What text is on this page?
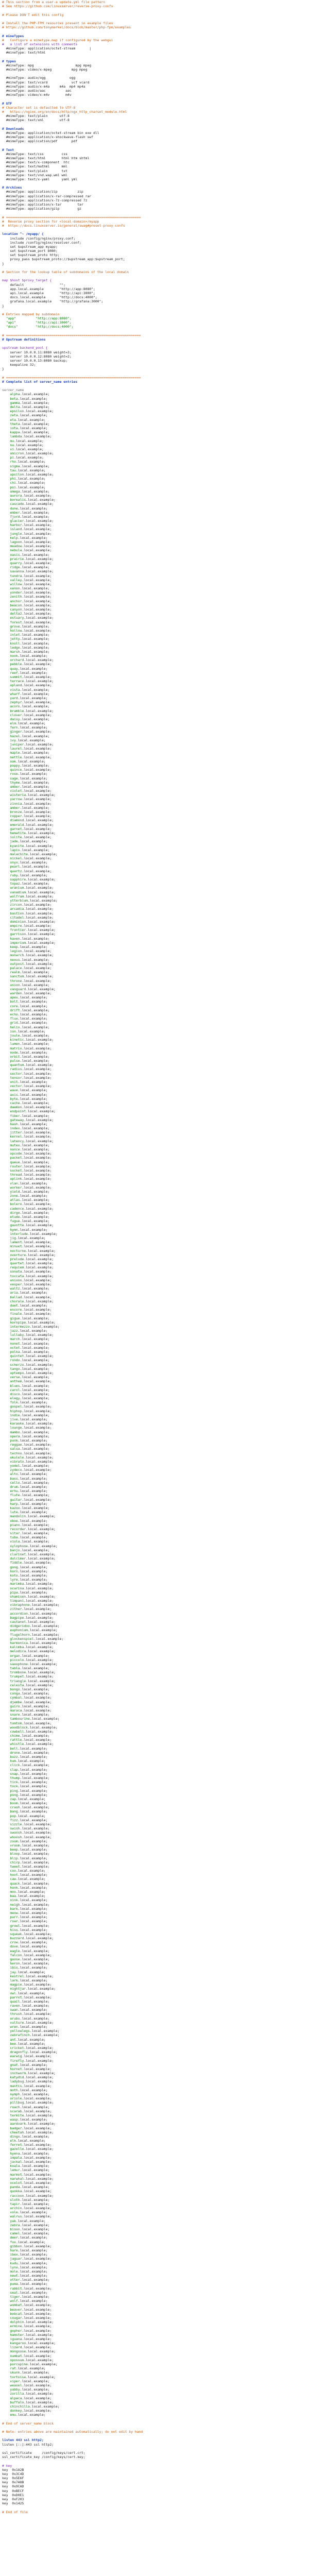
# This section from a user-a update.yml file pattern
# See https://github.com/linuxserver/reverse-proxy-confs
# Please DON'T edit this config
# Install the PHP-FPM resources present in example files
# https://github.com/tonymarkel/docs/blob/master/php-fpm/examples
# mineTypes
#   Configure a mimetype.map if configured by the webgui
#   a list of extensions with comments
#mineType: application/octet-stream       |
#mineType: text/html
# types
#mineType: mpg                     mpg mpeg
#mineType: video/x-mpeg          mpg mpeg
#mineType: audio/ogg            ogg
#mineType: text/vcard            vcf vcard
#mineType: audio/x-m4a     m4a  mp4 mp4a
#mineType: audio/aac          aac
#mineType: video/x-m4v        m4v
# UTF
# Character set is defaulted to UTF-8
#   https://nginx.org/en/docs/http/ngx_http_charset_module.html
#mimeType: text/plain      utf-8
#mimeType: text/xml        utf-8
# Downloads
#mimeType: application/octet-stream bin exe dll
#mimeType: application/x-shockwave-flash swf
#mimeType: application/pdf       pdf
# Text
#mimeType: text/css         css
#mimeType: text/html        html htm shtml
#mimeType: text/x-component  htc
#mimeType: text/mathml      mml
#mimeType: text/plain       txt
#mimeType: text/vnd.wap.wml wml
#mimeType: text/x-yaml      yaml yml
# Archives
#mimeType: application/zip          zip
#mimeType: application/x-rar-compressed rar
#mimeType: application/x-7z-compressed 7z
#mimeType: application/x-tar        tar
#mimeType: application/gzip         gz
# ====================================================================
#  Reverse proxy section for <local-domain>/myapp
#  https://docs.linuxserver.io/general/swag#preset-proxy-confs
location ^~ /myapp/ {
include /config/nginx/proxy.conf;
include /config/nginx/resolver.conf;
set $upstream_app myapp;
set $upstream_port 8080;
set $upstream_proto http;
proxy_pass $upstream_proto://$upstream_app:$upstream_port;
}
# Section for the lookup table of subdomains of the local domain
map $host $proxy_target {
default                  "";
app.local.example        "http://app:8080";
api.local.example        "http://api:3000";
docs.local.example       "http://docs:4000";
grafana.local.example    "http://grafana:3000";
}
# Entries mapped by subdomain
"app"          "http://app:8080";
"api"          "http://api:3000";
"docs"         "http://docs:4000";
# ====================================================================
# Upstream definitions
upstream backend_pool {
server 10.0.0.11:8080 weight=3;
server 10.0.0.12:8080 weight=2;
server 10.0.0.13:8080 backup;
keepalive 32;
}
# ====================================================================
# Complete list of server_name entries
server_name
alpha.local.example;
beta.local.example;
gamma.local.example;
delta.local.example;
epsilon.local.example;
zeta.local.example;
eta.local.example;
theta.local.example;
iota.local.example;
kappa.local.example;
lambda.local.example;
mu.local.example;
nu.local.example;
xi.local.example;
omicron.local.example;
pi.local.example;
rho.local.example;
sigma.local.example;
tau.local.example;
upsilon.local.example;
phi.local.example;
chi.local.example;
psi.local.example;
omega.local.example;
aurora.local.example;
borealis.local.example;
cascade.local.example;
dune.local.example;
ember.local.example;
fjord.local.example;
glacier.local.example;
harbor.local.example;
island.local.example;
jungle.local.example;
kelp.local.example;
lagoon.local.example;
meadow.local.example;
nebula.local.example;
oasis.local.example;
prairie.local.example;
quarry.local.example;
ridge.local.example;
savanna.local.example;
tundra.local.example;
valley.local.example;
willow.local.example;
xenon.local.example;
yonder.local.example;
zenith.local.example;
anchor.local.example;
beacon.local.example;
canyon.local.example;
delta2.local.example;
estuary.local.example;
forest.local.example;
grove.local.example;
hollow.local.example;
inlet.local.example;
jetty.local.example;
knoll.local.example;
ledge.local.example;
marsh.local.example;
nook.local.example;
orchard.local.example;
pebble.local.example;
quay.local.example;
reef.local.example;
summit.local.example;
terrace.local.example;
upland.local.example;
vista.local.example;
wharf.local.example;
yard.local.example;
zephyr.local.example;
acorn.local.example;
bramble.local.example;
clover.local.example;
daisy.local.example;
elm.local.example;
fern.local.example;
ginger.local.example;
hazel.local.example;
ivy.local.example;
juniper.local.example;
laurel.local.example;
maple.local.example;
nettle.local.example;
oak.local.example;
poppy.local.example;
quince.local.example;
rose.local.example;
sage.local.example;
thyme.local.example;
umber.local.example;
violet.local.example;
wisteria.local.example;
yarrow.local.example;
zinnia.local.example;
amber.local.example;
bronze.local.example;
copper.local.example;
diamond.local.example;
emerald.local.example;
garnet.local.example;
hematite.local.example;
iolite.local.example;
jade.local.example;
kyanite.local.example;
lapis.local.example;
malachite.local.example;
nickel.local.example;
onyx.local.example;
pearl.local.example;
quartz.local.example;
ruby.local.example;
sapphire.local.example;
topaz.local.example;
uranium.local.example;
vanadium.local.example;
wolfram.local.example;
ytterbium.local.example;
zircon.local.example;
arcadia.local.example;
bastion.local.example;
citadel.local.example;
dominion.local.example;
empire.local.example;
frontier.local.example;
garrison.local.example;
haven.local.example;
imperium.local.example;
keep.local.example;
legion.local.example;
monarch.local.example;
nexus.local.example;
outpost.local.example;
palace.local.example;
realm.local.example;
sanctum.local.example;
throne.local.example;
union.local.example;
vanguard.local.example;
warden.local.example;
apex.local.example;
bolt.local.example;
core.local.example;
drift.local.example;
echo.local.example;
flux.local.example;
grid.local.example;
helix.local.example;
ion.local.example;
joule.local.example;
kinetic.local.example;
lumen.local.example;
matrix.local.example;
node.local.example;
orbit.local.example;
pulse.local.example;
quantum.local.example;
radius.local.example;
sector.local.example;
tensor.local.example;
unit.local.example;
vector.local.example;
wave.local.example;
axis.local.example;
byte.local.example;
cache.local.example;
daemon.local.example;
endpoint.local.example;
fiber.local.example;
gateway.local.example;
hash.local.example;
index.local.example;
jitter.local.example;
kernel.local.example;
latency.local.example;
mutex.local.example;
nonce.local.example;
opcode.local.example;
packet.local.example;
queue.local.example;
router.local.example;
socket.local.example;
thread.local.example;
uplink.local.example;
vlan.local.example;
worker.local.example;
yield.local.example;
zone.local.example;
atlas.local.example;
bolero.local.example;
cadence.local.example;
dirge.local.example;
etude.local.example;
fugue.local.example;
gavotte.local.example;
hymn.local.example;
interlude.local.example;
jig.local.example;
lament.local.example;
minuet.local.example;
nocturne.local.example;
overture.local.example;
prelude.local.example;
quartet.local.example;
requiem.local.example;
sonata.local.example;
toccata.local.example;
unison.local.example;
vesper.local.example;
waltz.local.example;
aria.local.example;
ballad.local.example;
chorale.local.example;
duet.local.example;
encore.local.example;
finale.local.example;
gigue.local.example;
hornpipe.local.example;
intermezzo.local.example;
jazz.local.example;
lullaby.local.example;
march.local.example;
nonet.local.example;
octet.local.example;
polka.local.example;
quintet.local.example;
rondo.local.example;
scherzo.local.example;
tango.local.example;
uptempo.local.example;
verse.local.example;
anthem.local.example;
blues.local.example;
carol.local.example;
disco.local.example;
elegy.local.example;
folk.local.example;
gospel.local.example;
hiphop.local.example;
indie.local.example;
jive.local.example;
karaoke.local.example;
lounge.local.example;
mambo.local.example;
opera.local.example;
punk.local.example;
reggae.local.example;
salsa.local.example;
techno.local.example;
ukulele.local.example;
vibrato.local.example;
yodel.local.example;
zydeco.local.example;
alto.local.example;
bass.local.example;
cello.local.example;
drum.local.example;
erhu.local.example;
flute.local.example;
guitar.local.example;
harp.local.example;
kazoo.local.example;
lute.local.example;
mandolin.local.example;
oboe.local.example;
piano.local.example;
recorder.local.example;
sitar.local.example;
tuba.local.example;
viola.local.example;
xylophone.local.example;
banjo.local.example;
clarinet.local.example;
dulcimer.local.example;
fiddle.local.example;
gong.local.example;
horn.local.example;
koto.local.example;
lyre.local.example;
marimba.local.example;
ocarina.local.example;
pipa.local.example;
shamisen.local.example;
timpani.local.example;
vibraphone.local.example;
zither.local.example;
accordion.local.example;
bagpipe.local.example;
castanet.local.example;
didgeridoo.local.example;
euphonium.local.example;
flugelhorn.local.example;
glockenspiel.local.example;
harmonica.local.example;
kalimba.local.example;
melodica.local.example;
organ.local.example;
piccolo.local.example;
saxophone.local.example;
tabla.local.example;
trombone.local.example;
trumpet.local.example;
triangle.local.example;
celesta.local.example;
bongo.local.example;
conga.local.example;
cymbal.local.example;
djembe.local.example;
guiro.local.example;
maraca.local.example;
snare.local.example;
tambourine.local.example;
tomtom.local.example;
woodblock.local.example;
cowbell.local.example;
chime.local.example;
rattle.local.example;
whistle.local.example;
bell.local.example;
drone.local.example;
buzz.local.example;
hum.local.example;
click.local.example;
clap.local.example;
snap.local.example;
thump.local.example;
tick.local.example;
tock.local.example;
ping.local.example;
pong.local.example;
zap.local.example;
boom.local.example;
crash.local.example;
bang.local.example;
pop.local.example;
fizz.local.example;
sizzle.local.example;
swish.local.example;
swoosh.local.example;
whoosh.local.example;
zoom.local.example;
vroom.local.example;
beep.local.example;
bloop.local.example;
blip.local.example;
chirp.local.example;
tweet.local.example;
coo.local.example;
hoot.local.example;
caw.local.example;
quack.local.example;
honk.local.example;
moo.local.example;
baa.local.example;
oink.local.example;
neigh.local.example;
bark.local.example;
meow.local.example;
purr.local.example;
roar.local.example;
growl.local.example;
hiss.local.example;
squeak.local.example;
buzzard.local.example;
crow.local.example;
dove.local.example;
eagle.local.example;
falcon.local.example;
goose.local.example;
heron.local.example;
ibis.local.example;
jay.local.example;
kestrel.local.example;
lark.local.example;
magpie.local.example;
nightjar.local.example;
owl.local.example;
parrot.local.example;
quail.local.example;
raven.local.example;
swan.local.example;
thrush.local.example;
urubu.local.example;
vulture.local.example;
wren.local.example;
yellowlegs.local.example;
zebrafinch.local.example;
ant.local.example;
bee.local.example;
cricket.local.example;
dragonfly.local.example;
earwig.local.example;
firefly.local.example;
gnat.local.example;
hornet.local.example;
inchworm.local.example;
katydid.local.example;
ladybug.local.example;
mantis.local.example;
moth.local.example;
nymph.local.example;
oriole.local.example;
pillbug.local.example;
roach.local.example;
scarab.local.example;
termite.local.example;
wasp.local.example;
aardvark.local.example;
badger.local.example;
cheetah.local.example;
dingo.local.example;
elk.local.example;
ferret.local.example;
gazelle.local.example;
hyena.local.example;
impala.local.example;
jackal.local.example;
koala.local.example;
lemur.local.example;
marmot.local.example;
narwhal.local.example;
ocelot.local.example;
panda.local.example;
quokka.local.example;
raccoon.local.example;
sloth.local.example;
tapir.local.example;
urchin.local.example;
vole.local.example;
walrus.local.example;
yak.local.example;
zebra.local.example;
bison.local.example;
camel.local.example;
deer.local.example;
fox.local.example;
gibbon.local.example;
hare.local.example;
ibex.local.example;
jaguar.local.example;
kudu.local.example;
lynx.local.example;
mole.local.example;
newt.local.example;
otter.local.example;
puma.local.example;
rabbit.local.example;
seal.local.example;
tiger.local.example;
wolf.local.example;
wombat.local.example;
beaver.local.example;
bobcat.local.example;
cougar.local.example;
dolphin.local.example;
ermine.local.example;
gopher.local.example;
hamster.local.example;
iguana.local.example;
kangaroo.local.example;
lizard.local.example;
mongoose.local.example;
numbat.local.example;
opossum.local.example;
porcupine.local.example;
rat.local.example;
skunk.local.example;
tortoise.local.example;
viper.local.example;
weasel.local.example;
yabby.local.example;
zorilla.local.example;
alpaca.local.example;
buffalo.local.example;
chinchilla.local.example;
donkey.local.example;
emu.local.example;
# End of server_name block
# Note: entries above are maintained automatically; do not edit by hand
listen 443 ssl http2;
listen [::]:443 ssl http2;
ssl_certificate     /config/keys/cert.crt;
ssl_certificate_key /config/keys/cert.key;
# key
key  0x1A2B
key  0x3C4D
key  0x5E6F
key  0x7A8B
key  0x9CAD
key  0xBECF
key  0xD0E1
key  0xF203
key  0x1425
# End of file
